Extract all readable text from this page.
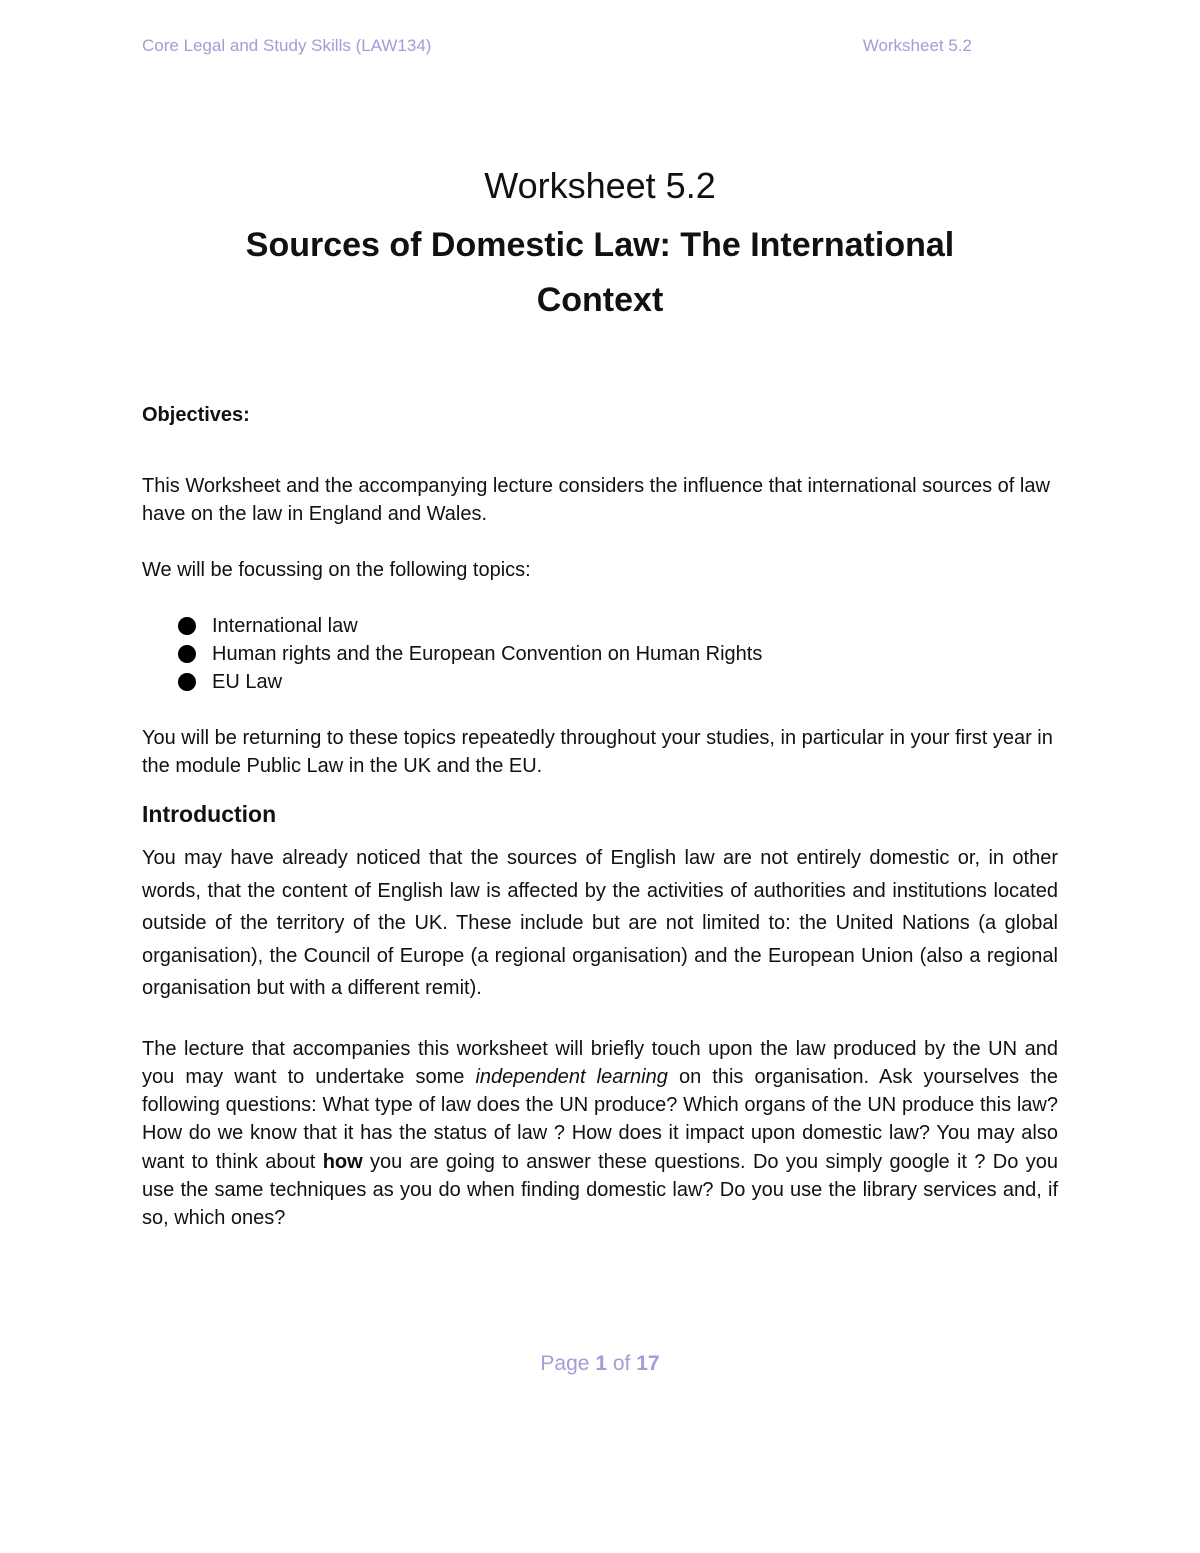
Core Legal and Study Skills (LAW134)	Worksheet 5.2
Worksheet 5.2
Sources of Domestic Law: The International Context
Objectives:

This Worksheet and the accompanying lecture considers the influence that international sources of law have on the law in England and Wales.

We will be focussing on the following topics:

International law
Human rights and the European Convention on Human Rights
EU Law

You will be returning to these topics repeatedly throughout your studies, in particular in your first year in the module Public Law in the UK and the EU.

Introduction

You may have already noticed that the sources of English law are not entirely domestic or, in other words, that the content of English law is affected by the activities of authorities and institutions located outside of the territory of the UK. These include but are not limited to: the United Nations (a global organisation), the Council of Europe (a regional organisation) and the European Union (also a regional organisation but with a different remit).

The lecture that accompanies this worksheet will briefly touch upon the law produced by the UN and you may want to undertake some independent learning on this organisation. Ask yourselves the following questions: What type of law does the UN produce? Which organs of the UN produce this law? How do we know that it has the status of law ? How does it impact upon domestic law? You may also want to think about how you are going to answer these questions. Do you simply google it ? Do you use the same techniques as you do when finding domestic law? Do you use the library services and, if so, which ones?

Page 1 of 17
